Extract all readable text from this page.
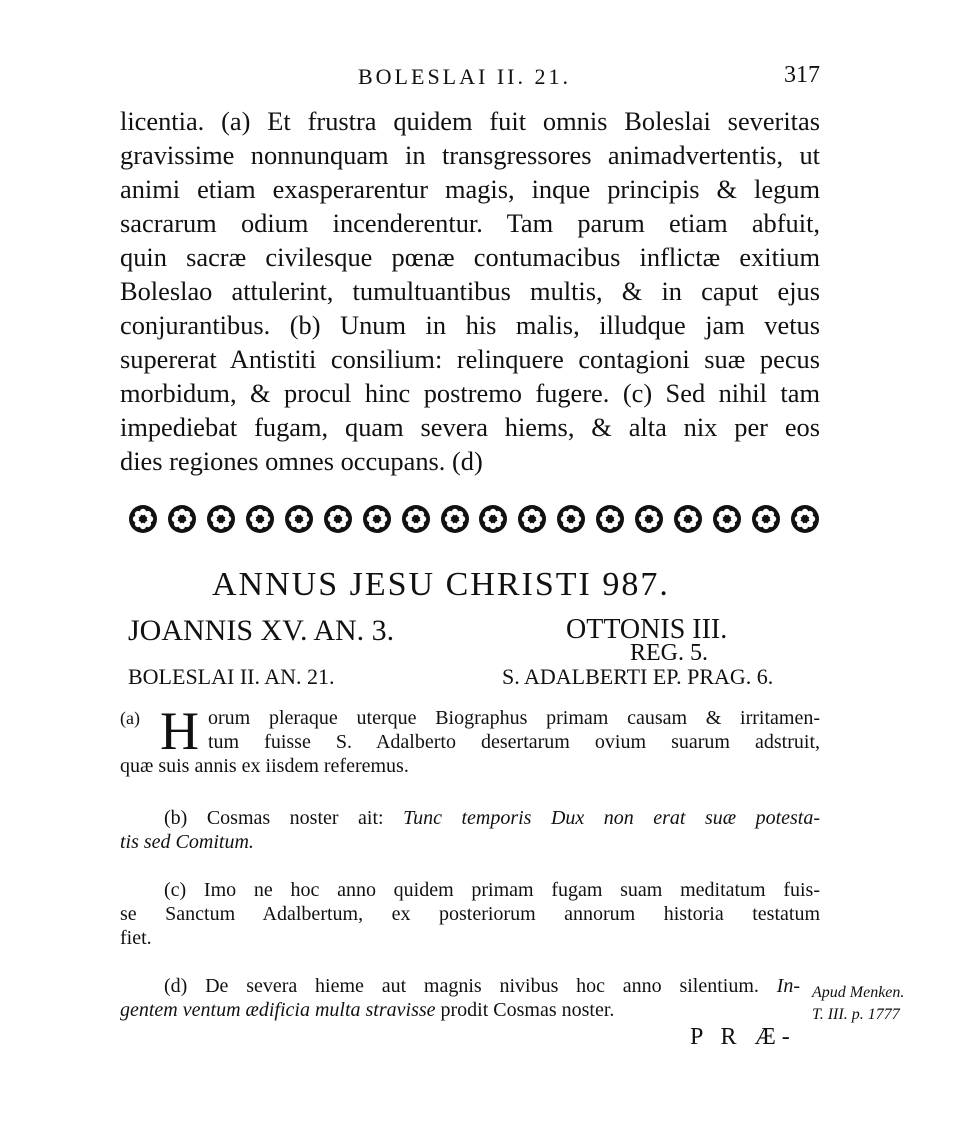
BOLESLAI II. 21.	317
licentia. (a) Et frustra quidem fuit omnis Boleslai severitas
gravissime nonnunquam in transgressores animadvertentis, ut
animi etiam exasperarentur magis, inque principis & legum
sacrarum odium incenderentur. Tam parum etiam abfuit,
quin sacræ civilesque pœnæ contumacibus inflictæ exitium
Boleslao attulerint, tumultuantibus multis, & in caput ejus
conjurantibus. (b) Unum in his malis, illudque jam vetus
supererat Antistiti consilium: relinquere contagioni suæ pecus
morbidum, & procul hinc postremo fugere. (c) Sed nihil tam
impediebat fugam, quam severa hiems, & alta nix per eos
dies regiones omnes occupans. (d)
ANNUS JESU CHRISTI 987.
JOANNIS XV. AN. 3.	OTTONIS III.
REG. 5.
BOLESLAI II. AN. 21.	S. ADALBERTI EP. PRAG. 6.
(a) H orum pleraque uterque Biographus primam causam & irritamen-
tum fuisse S. Adalberto desertarum ovium suarum adstruit,
quæ suis annis ex iisdem referemus.
(b) Cosmas noster ait: Tunc temporis Dux non erat suæ potesta-
tis sed Comitum.
(c) Imo ne hoc anno quidem primam fugam suam meditatum fuis-
se Sanctum Adalbertum, ex posteriorum annorum historia testatum
fiet.
(d) De severa hieme aut magnis nivibus hoc anno silentium. In-
gentem ventum ædificia multa stravisse prodit Cosmas noster.
Apud Menken.
T. III. p. 1777
P R Æ-
